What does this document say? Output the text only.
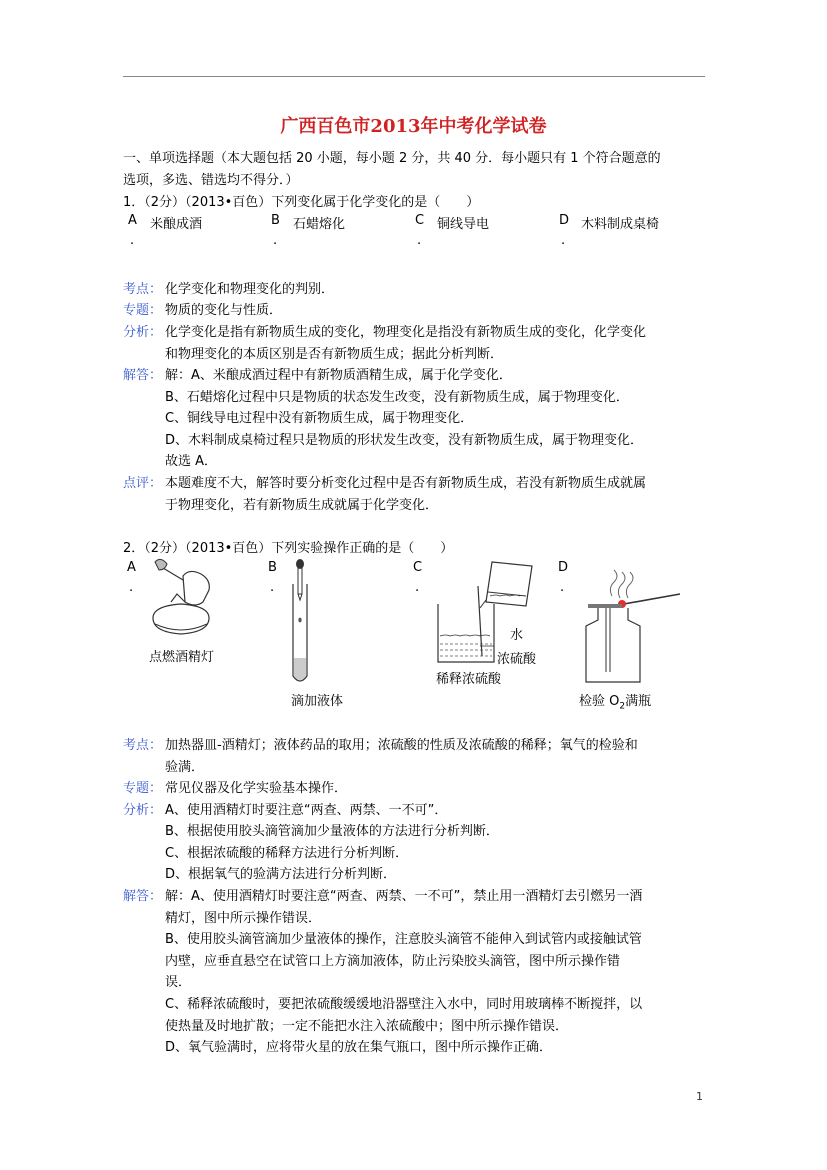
广西百色市2013年中考化学试卷
一、单项选择题（本大题包括 20 小题，每小题 2 分，共 40 分．每小题只有 1 个符合题意的
选项，多选、错选均不得分．）
1．（2分）（2013•百色）下列变化属于化学变化的是（　　）
A 米酿成酒
.
B 石蜡熔化
.
C 铜线导电
.
D 木料制成桌椅
.
考点： 化学变化和物理变化的判别．
专题： 物质的变化与性质．
分析： 化学变化是指有新物质生成的变化，物理变化是指没有新物质生成的变化，化学变化
和物理变化的本质区别是否有新物质生成；据此分析判断．
解答： 解：A、米酿成酒过程中有新物质酒精生成，属于化学变化．
B、石蜡熔化过程中只是物质的状态发生改变，没有新物质生成，属于物理变化．
C、铜线导电过程中没有新物质生成，属于物理变化．
D、木料制成桌椅过程只是物质的形状发生改变，没有新物质生成，属于物理变化．
故选 A．
点评： 本题难度不大，解答时要分析变化过程中是否有新物质生成，若没有新物质生成就属
于物理变化，若有新物质生成就属于化学变化．
2．（2分）（2013•百色）下列实验操作正确的是（　　）
A
.
点燃酒精灯
B
.
滴加液体
C
.
水
浓硫酸
稀释浓硫酸
D
.
检验 $O_2$满瓶
考点： 加热器皿-酒精灯；液体药品的取用；浓硫酸的性质及浓硫酸的稀释；氧气的检验和
验满．
专题： 常见仪器及化学实验基本操作．
分析： A、使用酒精灯时要注意“两查、两禁、一不可”．
B、根据使用胶头滴管滴加少量液体的方法进行分析判断．
C、根据浓硫酸的稀释方法进行分析判断．
D、根据氧气的验满方法进行分析判断．
解答： 解：A、使用酒精灯时要注意“两查、两禁、一不可”，禁止用一酒精灯去引燃另一酒
精灯，图中所示操作错误．
B、使用胶头滴管滴加少量液体的操作，注意胶头滴管不能伸入到试管内或接触试管
内壁，应垂直悬空在试管口上方滴加液体，防止污染胶头滴管，图中所示操作错
误．
C、稀释浓硫酸时，要把浓硫酸缓缓地沿器壁注入水中，同时用玻璃棒不断搅拌，以
使热量及时地扩散；一定不能把水注入浓硫酸中；图中所示操作错误．
D、氧气验满时，应将带火星的放在集气瓶口，图中所示操作正确．
1
